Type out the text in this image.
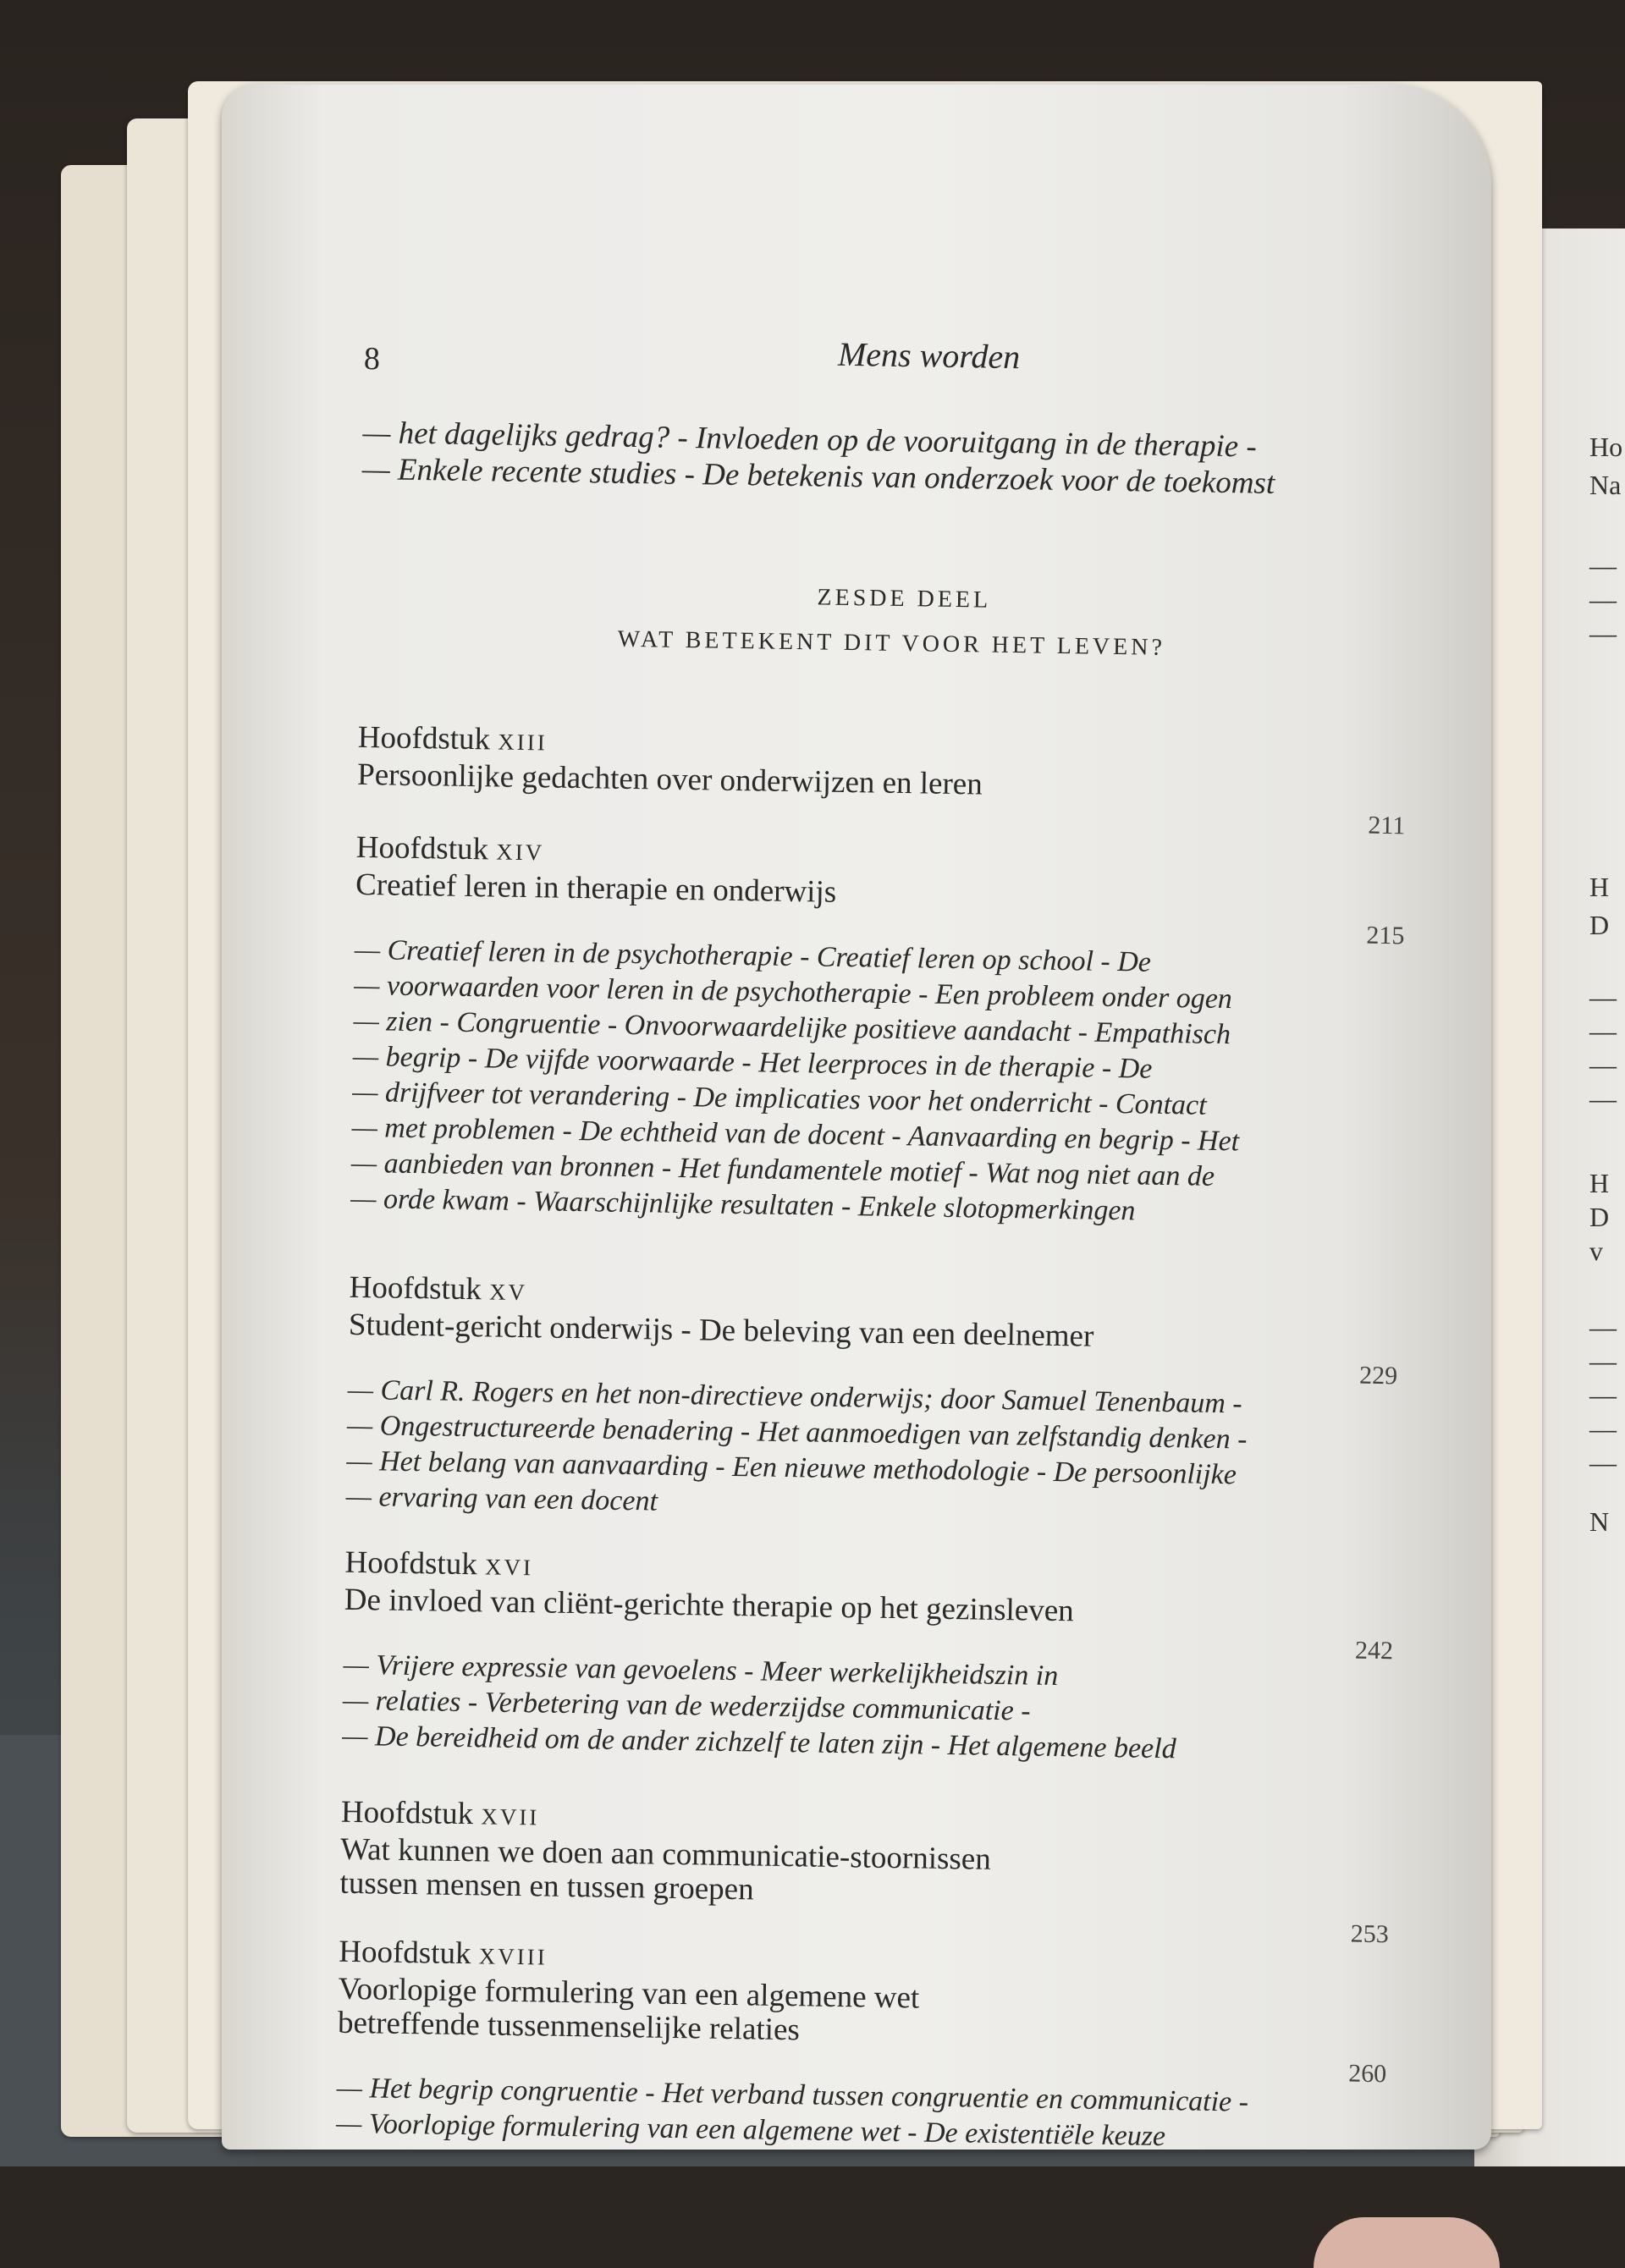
Ho
Na
—
—
—
H
D
—
—
—
—
H
D
v
—
—
—
—
—
N
8	Mens worden
— het dagelijks gedrag? - Invloeden op de vooruitgang in de therapie -
— Enkele recente studies - De betekenis van onderzoek voor de toekomst
ZESDE DEEL
WAT BETEKENT DIT VOOR HET LEVEN?
Hoofdstuk XIII
Persoonlijke gedachten over onderwijzen en leren
211
Hoofdstuk XIV
Creatief leren in therapie en onderwijs
215
— Creatief leren in de psychotherapie - Creatief leren op school - De
— voorwaarden voor leren in de psychotherapie - Een probleem onder ogen
— zien - Congruentie - Onvoorwaardelijke positieve aandacht - Empathisch
— begrip - De vijfde voorwaarde - Het leerproces in de therapie - De
— drijfveer tot verandering - De implicaties voor het onderricht - Contact
— met problemen - De echtheid van de docent - Aanvaarding en begrip - Het
— aanbieden van bronnen - Het fundamentele motief - Wat nog niet aan de
— orde kwam - Waarschijnlijke resultaten - Enkele slotopmerkingen
Hoofdstuk XV
Student-gericht onderwijs - De beleving van een deelnemer
229
— Carl R. Rogers en het non-directieve onderwijs; door Samuel Tenenbaum -
— Ongestructureerde benadering - Het aanmoedigen van zelfstandig denken -
— Het belang van aanvaarding - Een nieuwe methodologie - De persoonlijke
— ervaring van een docent
Hoofdstuk XVI
De invloed van cliënt-gerichte therapie op het gezinsleven
242
— Vrijere expressie van gevoelens - Meer werkelijkheidszin in
— relaties - Verbetering van de wederzijdse communicatie -
— De bereidheid om de ander zichzelf te laten zijn - Het algemene beeld
Hoofdstuk XVII
Wat kunnen we doen aan communicatie-stoornissen
tussen mensen en tussen groepen
253
Hoofdstuk XVIII
Voorlopige formulering van een algemene wet
betreffende tussenmenselijke relaties
260
— Het begrip congruentie - Het verband tussen congruentie en communicatie -
— Voorlopige formulering van een algemene wet - De existentiële keuze
